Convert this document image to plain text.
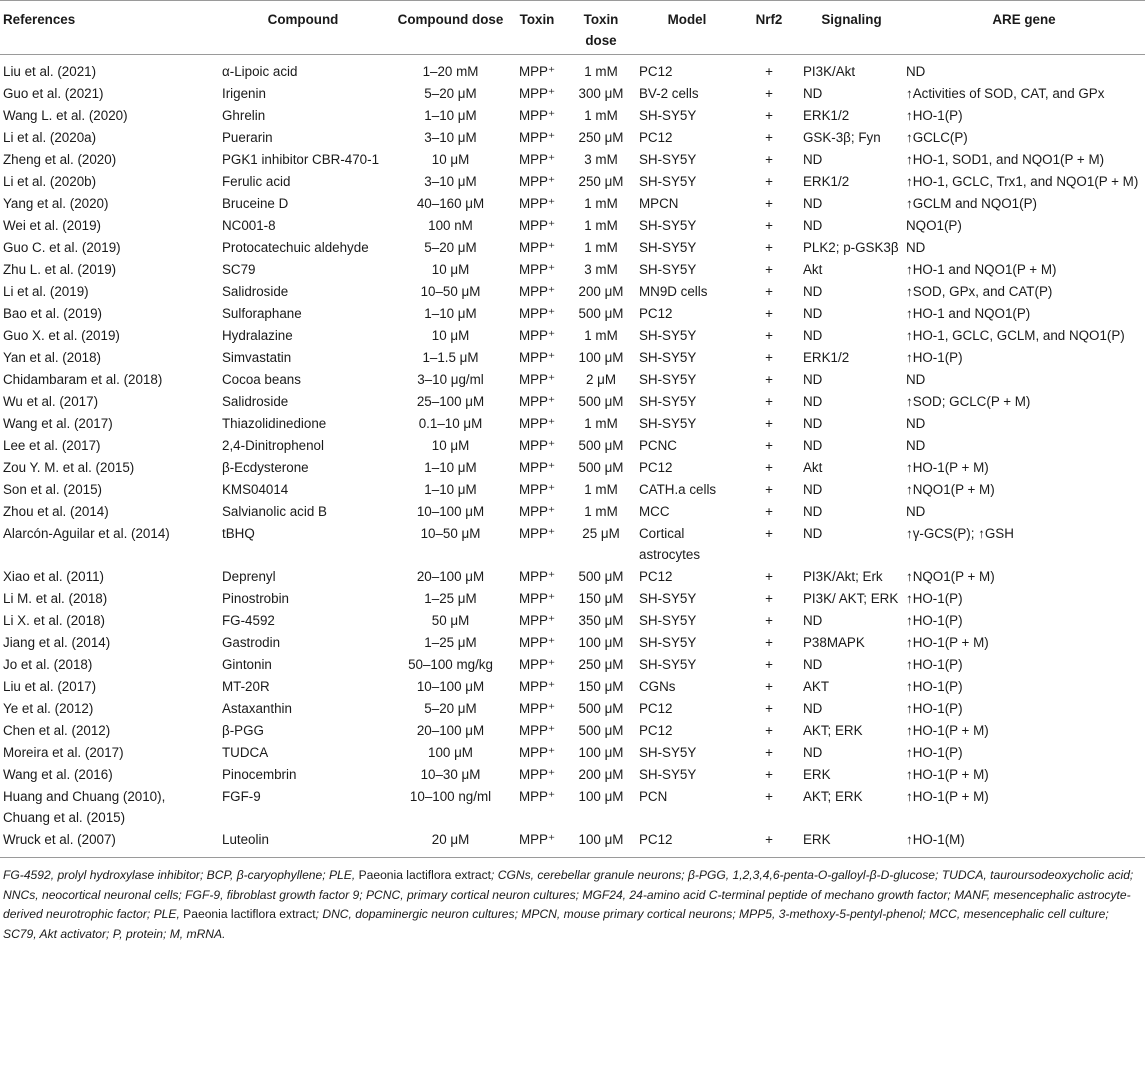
References	Compound	Compound dose	Toxin	Toxin dose	Model	Nrf2	Signaling	ARE gene
Liu et al. (2021)	α-Lipoic acid	1–20 mM	MPP⁺	1 mM	PC12	+	PI3K/Akt	ND
Guo et al. (2021)	Irigenin	5–20 μM	MPP⁺	300 μM	BV-2 cells	+	ND	↑Activities of SOD, CAT, and GPx
Wang L. et al. (2020)	Ghrelin	1–10 μM	MPP⁺	1 mM	SH-SY5Y	+	ERK1/2	↑HO-1(P)
Li et al. (2020a)	Puerarin	3–10 μM	MPP⁺	250 μM	PC12	+	GSK-3β; Fyn	↑GCLC(P)
Zheng et al. (2020)	PGK1 inhibitor CBR-470-1	10 μM	MPP⁺	3 mM	SH-SY5Y	+	ND	↑HO-1, SOD1, and NQO1(P + M)
Li et al. (2020b)	Ferulic acid	3–10 μM	MPP⁺	250 μM	SH-SY5Y	+	ERK1/2	↑HO-1, GCLC, Trx1, and NQO1(P + M)
Yang et al. (2020)	Bruceine D	40–160 μM	MPP⁺	1 mM	MPCN	+	ND	↑GCLM and NQO1(P)
Wei et al. (2019)	NC001-8	100 nM	MPP⁺	1 mM	SH-SY5Y	+	ND	NQO1(P)
Guo C. et al. (2019)	Protocatechuic aldehyde	5–20 μM	MPP⁺	1 mM	SH-SY5Y	+	PLK2; p-GSK3β	ND
Zhu L. et al. (2019)	SC79	10 μM	MPP⁺	3 mM	SH-SY5Y	+	Akt	↑HO-1 and NQO1(P + M)
Li et al. (2019)	Salidroside	10–50 μM	MPP⁺	200 μM	MN9D cells	+	ND	↑SOD, GPx, and CAT(P)
Bao et al. (2019)	Sulforaphane	1–10 μM	MPP⁺	500 μM	PC12	+	ND	↑HO-1 and NQO1(P)
Guo X. et al. (2019)	Hydralazine	10 μM	MPP⁺	1 mM	SH-SY5Y	+	ND	↑HO-1, GCLC, GCLM, and NQO1(P)
Yan et al. (2018)	Simvastatin	1–1.5 μM	MPP⁺	100 μM	SH-SY5Y	+	ERK1/2	↑HO-1(P)
Chidambaram et al. (2018)	Cocoa beans	3–10 μg/ml	MPP⁺	2 μM	SH-SY5Y	+	ND	ND
Wu et al. (2017)	Salidroside	25–100 μM	MPP⁺	500 μM	SH-SY5Y	+	ND	↑SOD; GCLC(P + M)
Wang et al. (2017)	Thiazolidinedione	0.1–10 μM	MPP⁺	1 mM	SH-SY5Y	+	ND	ND
Lee et al. (2017)	2,4-Dinitrophenol	10 μM	MPP⁺	500 μM	PCNC	+	ND	ND
Zou Y. M. et al. (2015)	β-Ecdysterone	1–10 μM	MPP⁺	500 μM	PC12	+	Akt	↑HO-1(P + M)
Son et al. (2015)	KMS04014	1–10 μM	MPP⁺	1 mM	CATH.a cells	+	ND	↑NQO1(P + M)
Zhou et al. (2014)	Salvianolic acid B	10–100 μM	MPP⁺	1 mM	MCC	+	ND	ND
Alarcón-Aguilar et al. (2014)	tBHQ	10–50 μM	MPP⁺	25 μM	Cortical astrocytes	+	ND	↑γ-GCS(P); ↑GSH
Xiao et al. (2011)	Deprenyl	20–100 μM	MPP⁺	500 μM	PC12	+	PI3K/Akt; Erk	↑NQO1(P + M)
Li M. et al. (2018)	Pinostrobin	1–25 μM	MPP⁺	150 μM	SH-SY5Y	+	PI3K/ AKT; ERK	↑HO-1(P)
Li X. et al. (2018)	FG-4592	50 μM	MPP⁺	350 μM	SH-SY5Y	+	ND	↑HO-1(P)
Jiang et al. (2014)	Gastrodin	1–25 μM	MPP⁺	100 μM	SH-SY5Y	+	P38MAPK	↑HO-1(P + M)
Jo et al. (2018)	Gintonin	50–100 mg/kg	MPP⁺	250 μM	SH-SY5Y	+	ND	↑HO-1(P)
Liu et al. (2017)	MT-20R	10–100 μM	MPP⁺	150 μM	CGNs	+	AKT	↑HO-1(P)
Ye et al. (2012)	Astaxanthin	5–20 μM	MPP⁺	500 μM	PC12	+	ND	↑HO-1(P)
Chen et al. (2012)	β-PGG	20–100 μM	MPP⁺	500 μM	PC12	+	AKT; ERK	↑HO-1(P + M)
Moreira et al. (2017)	TUDCA	100 μM	MPP⁺	100 μM	SH-SY5Y	+	ND	↑HO-1(P)
Wang et al. (2016)	Pinocembrin	10–30 μM	MPP⁺	200 μM	SH-SY5Y	+	ERK	↑HO-1(P + M)
Huang and Chuang (2010), Chuang et al. (2015)	FGF-9	10–100 ng/ml	MPP⁺	100 μM	PCN	+	AKT; ERK	↑HO-1(P + M)
Wruck et al. (2007)	Luteolin	20 μM	MPP⁺	100 μM	PC12	+	ERK	↑HO-1(M)
FG-4592, prolyl hydroxylase inhibitor; BCP, β-caryophyllene; PLE, Paeonia lactiflora extract; CGNs, cerebellar granule neurons; β-PGG, 1,2,3,4,6-penta-O-galloyl-β-D-glucose; TUDCA, tauroursodeoxycholic acid; NNCs, neocortical neuronal cells; FGF-9, fibroblast growth factor 9; PCNC, primary cortical neuron cultures; MGF24, 24-amino acid C-terminal peptide of mechano growth factor; MANF, mesencephalic astrocyte-derived neurotrophic factor; PLE, Paeonia lactiflora extract; DNC, dopaminergic neuron cultures; MPCN, mouse primary cortical neurons; MPP5, 3-methoxy-5-pentyl-phenol; MCC, mesencephalic cell culture; SC79, Akt activator; P, protein; M, mRNA.
